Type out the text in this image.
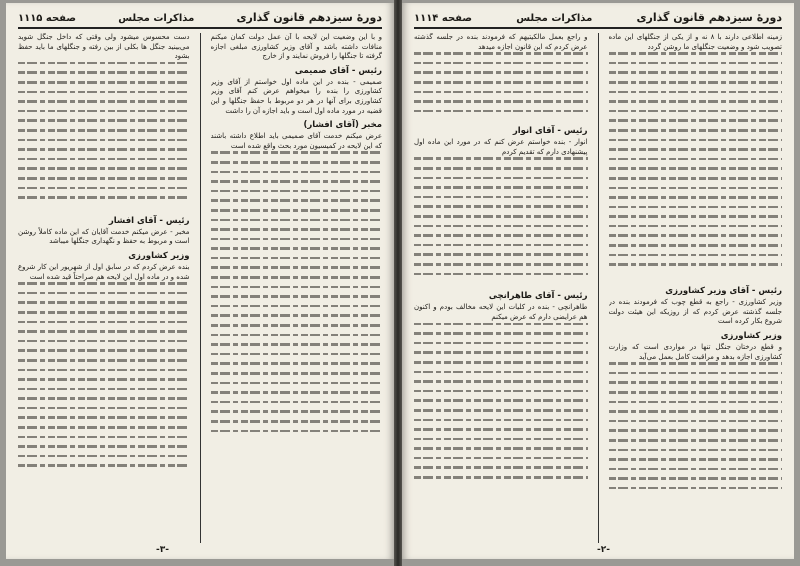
دورهٔ سیزدهم قانون گذاری
مذاکرات مجلس
صفحه ۱۱۱۵

و با این وضعیت این لایحه با آن عمل دولت کمان میکنم منافات داشته باشد و آقای وزیر کشاورزی مبلغی اجازه گرفته تا جنگلها را فروش نمایند و از خارج

رئیس - آقای صمیمی

صمیمی - بنده در این ماده اول خواستم از آقای وزیر کشاورزی را بنده را میخواهم عرض کنم آقای وزیر کشاورزی برای آنها در هر دو مربوط با حفظ جنگلها و این قضیه در مورد ماده اول است و باید اجازه آن را داشت

مخبر (آقای افشار)

عرض میکنم خدمت آقای صمیمی باید اطلاع داشته باشند که این لایحه در کمیسیون مورد بحث واقع شده است

دست محسوس میشود ولی وقتی که داخل جنگل شوید می‌بینید جنگل ها بکلی از بین رفته و جنگلهای ما باید حفظ بشود

رئیس - آقای افشار

مخبر - عرض میکنم خدمت آقایان که این ماده کاملاً روشن است و مربوط به حفظ و نگهداری جنگلها میباشد

وزیر کشاورزی

بنده عرض کردم که در سابق اول از شهریور این کار شروع شده و در ماده اول این لایحه هم صراحتاً قید شده است

-۳-
دورهٔ سیزدهم قانون گذاری
مذاکرات مجلس
صفحه ۱۱۱۴

زمینه اطلاعی دارند با ۸ نه و از یکی از جنگلهای این ماده تصویب شود و وضعیت جنگلهای ما روشن گردد

رئیس - آقای وزیر کشاورزی

وزیر کشاورزی - راجع به قطع چوب که فرمودند بنده در جلسه گذشته عرض کردم که از روزیکه این هیئت دولت شروع بکار کرده است

وزیر کشاورزی

و قطع درختان جنگل تنها در مواردی است که وزارت کشاورزی اجازه بدهد و مراقبت کامل بعمل می‌آید

و راجع بعمل مالکیتیهم که فرمودند بنده در جلسه گذشته عرض کردم که این قانون اجازه میدهد

رئیس - آقای انوار

انوار - بنده خواستم عرض کنم که در مورد این ماده اول پیشنهادی دارم که تقدیم کردم

رئیس - آقای طاهرانچی

طاهرانچی - بنده در کلیات این لایحه مخالف بودم و اکنون هم عرایضی دارم که عرض میکنم

-۲-
